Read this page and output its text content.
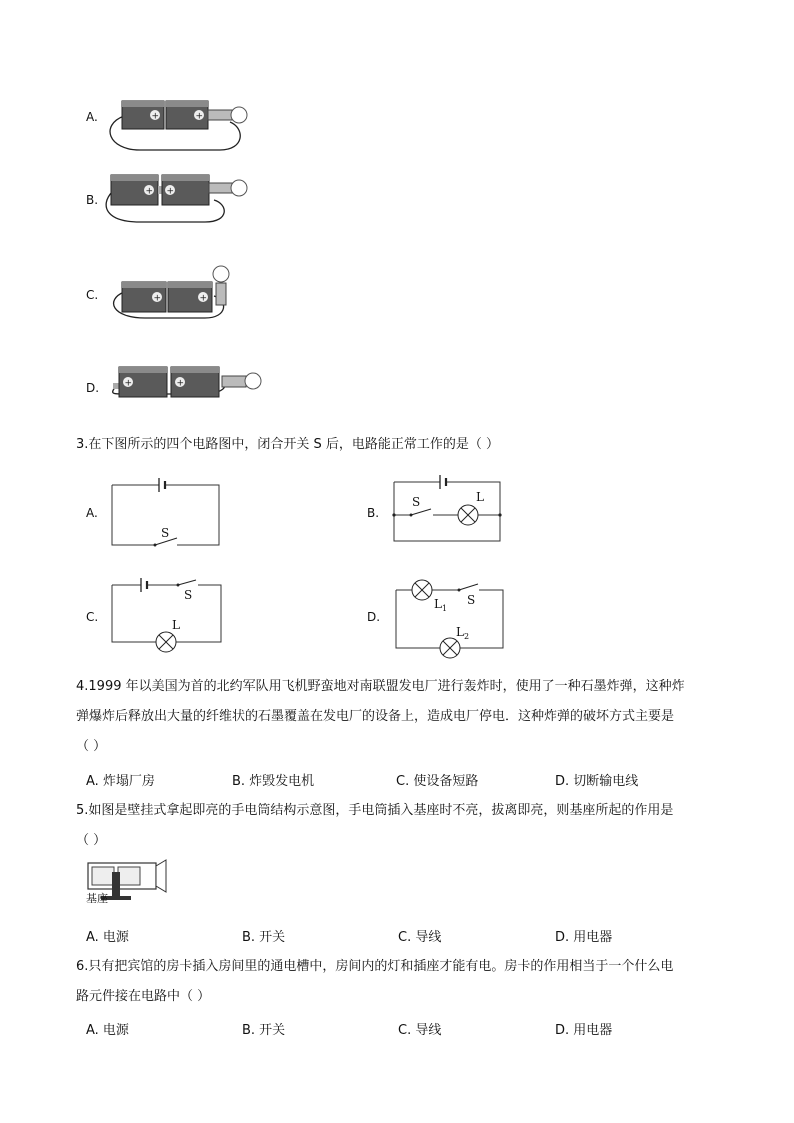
A.	+	+
B.
+ +
C.	+	+
D.	+	+
3.在下图所示的四个电路图中，闭合开关 S 后，电路能正常工作的是（ ）
A.
S
B.
S	L
C.
S
L
D.
$L_1$
S
$L_2$
4.1999 年以美国为首的北约军队用飞机野蛮地对南联盟发电厂进行轰炸时，使用了一种石墨炸弹，这种炸
弹爆炸后释放出大量的纤维状的石墨覆盖在发电厂的设备上，造成电厂停电．这种炸弹的破坏方式主要是
（ ）
A. 炸塌厂房	B. 炸毁发电机	C. 使设备短路	D. 切断输电线
5.如图是壁挂式拿起即亮的手电筒结构示意图，手电筒插入基座时不亮，拔离即亮，则基座所起的作用是
（ ）
基座
A. 电源	B. 开关	C. 导线	D. 用电器
6.只有把宾馆的房卡插入房间里的通电槽中，房间内的灯和插座才能有电。房卡的作用相当于一个什么电
路元件接在电路中（ ）
A. 电源	B. 开关	C. 导线	D. 用电器
